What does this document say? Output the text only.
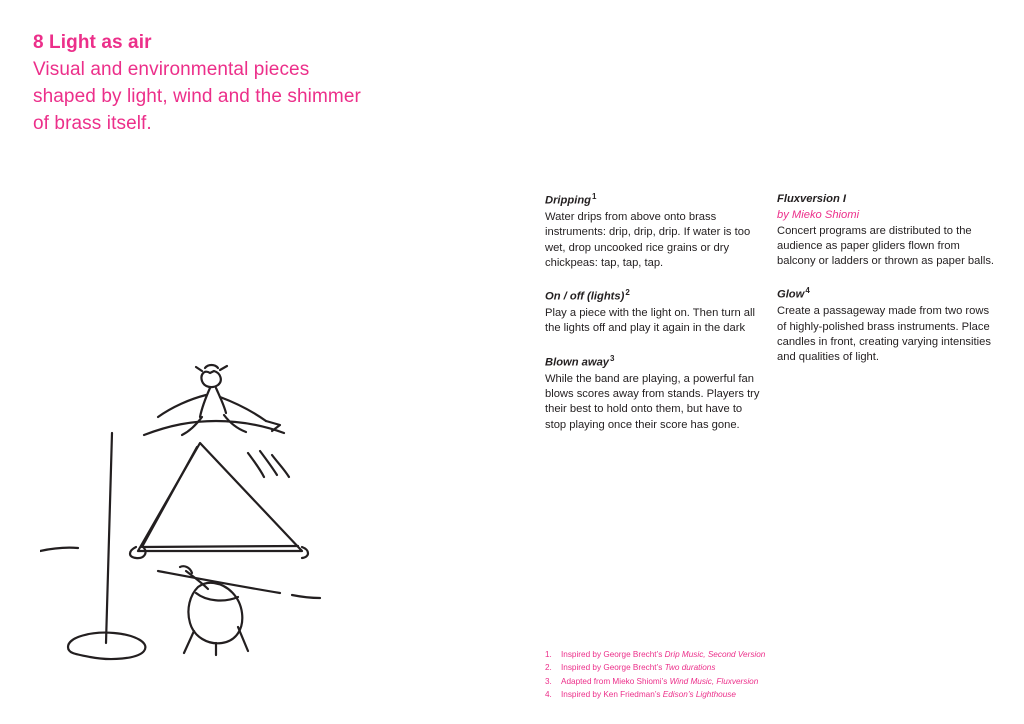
8 Light as air
Visual and environmental pieces
shaped by light, wind and the shimmer
of brass itself.
Dripping$^1$

Water drips from above onto brass instruments: drip, drip, drip. If water is too wet, drop uncooked rice grains or dry chickpeas: tap, tap, tap.

On / off (lights)$^2$

Play a piece with the light on. Then turn all the lights off and play it again in the dark

Blown away$^3$

While the band are playing, a powerful fan blows scores away from stands. Players try their best to hold onto them, but have to stop playing once their score has gone.

Fluxversion I

by Mieko Shiomi

Concert programs are distributed to the audience as paper gliders flown from balcony or ladders or thrown as paper balls.

Glow$^4$

Create a passageway made from two rows of highly-polished brass instruments. Place candles in front, creating varying intensities and qualities of light.

1.	Inspired by George Brecht’s Drip Music, Second Version
2.	Inspired by George Brecht’s Two durations
3.	Adapted from Mieko Shiomi’s Wind Music, Fluxversion
4.	Inspired by Ken Friedman’s Edison’s Lighthouse
